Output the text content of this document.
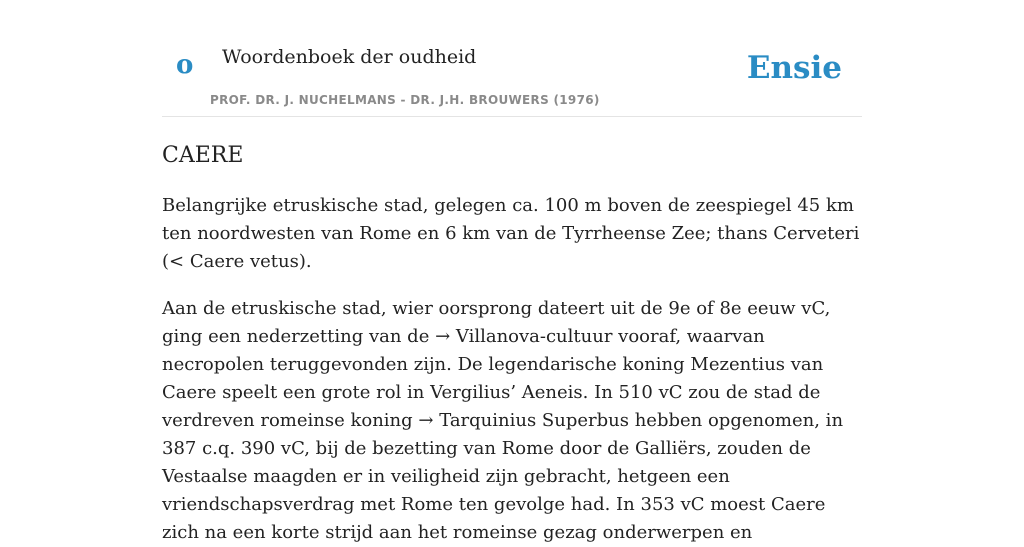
o Woordenboek der oudheid
PROF. DR. J. NUCHELMANS - DR. J.H. BROUWERS (1976)
Ensie
CAERE

Belangrijke etruskische stad, gelegen ca. 100 m boven de zeespiegel 45 km ten noordwesten van Rome en 6 km van de Tyrrheense Zee; thans Cerveteri (< Caere vetus).

Aan de etruskische stad, wier oorsprong dateert uit de 9e of 8e eeuw vC, ging een nederzetting van de → Villanova-cultuur vooraf, waarvan necropolen teruggevonden zijn. De legendarische koning Mezentius van Caere speelt een grote rol in Vergilius’ Aeneis. In 510 vC zou de stad de verdreven romeinse koning → Tarquinius Superbus hebben opgenomen, in 387 c.q. 390 vC, bij de bezetting van Rome door de Galliërs, zouden de Vestaalse maagden er in veiligheid zijn gebracht, hetgeen een vriendschapsverdrag met Rome ten gevolge had. In 353 vC moest Caere zich na een korte strijd aan het romeinse gezag onderwerpen en
